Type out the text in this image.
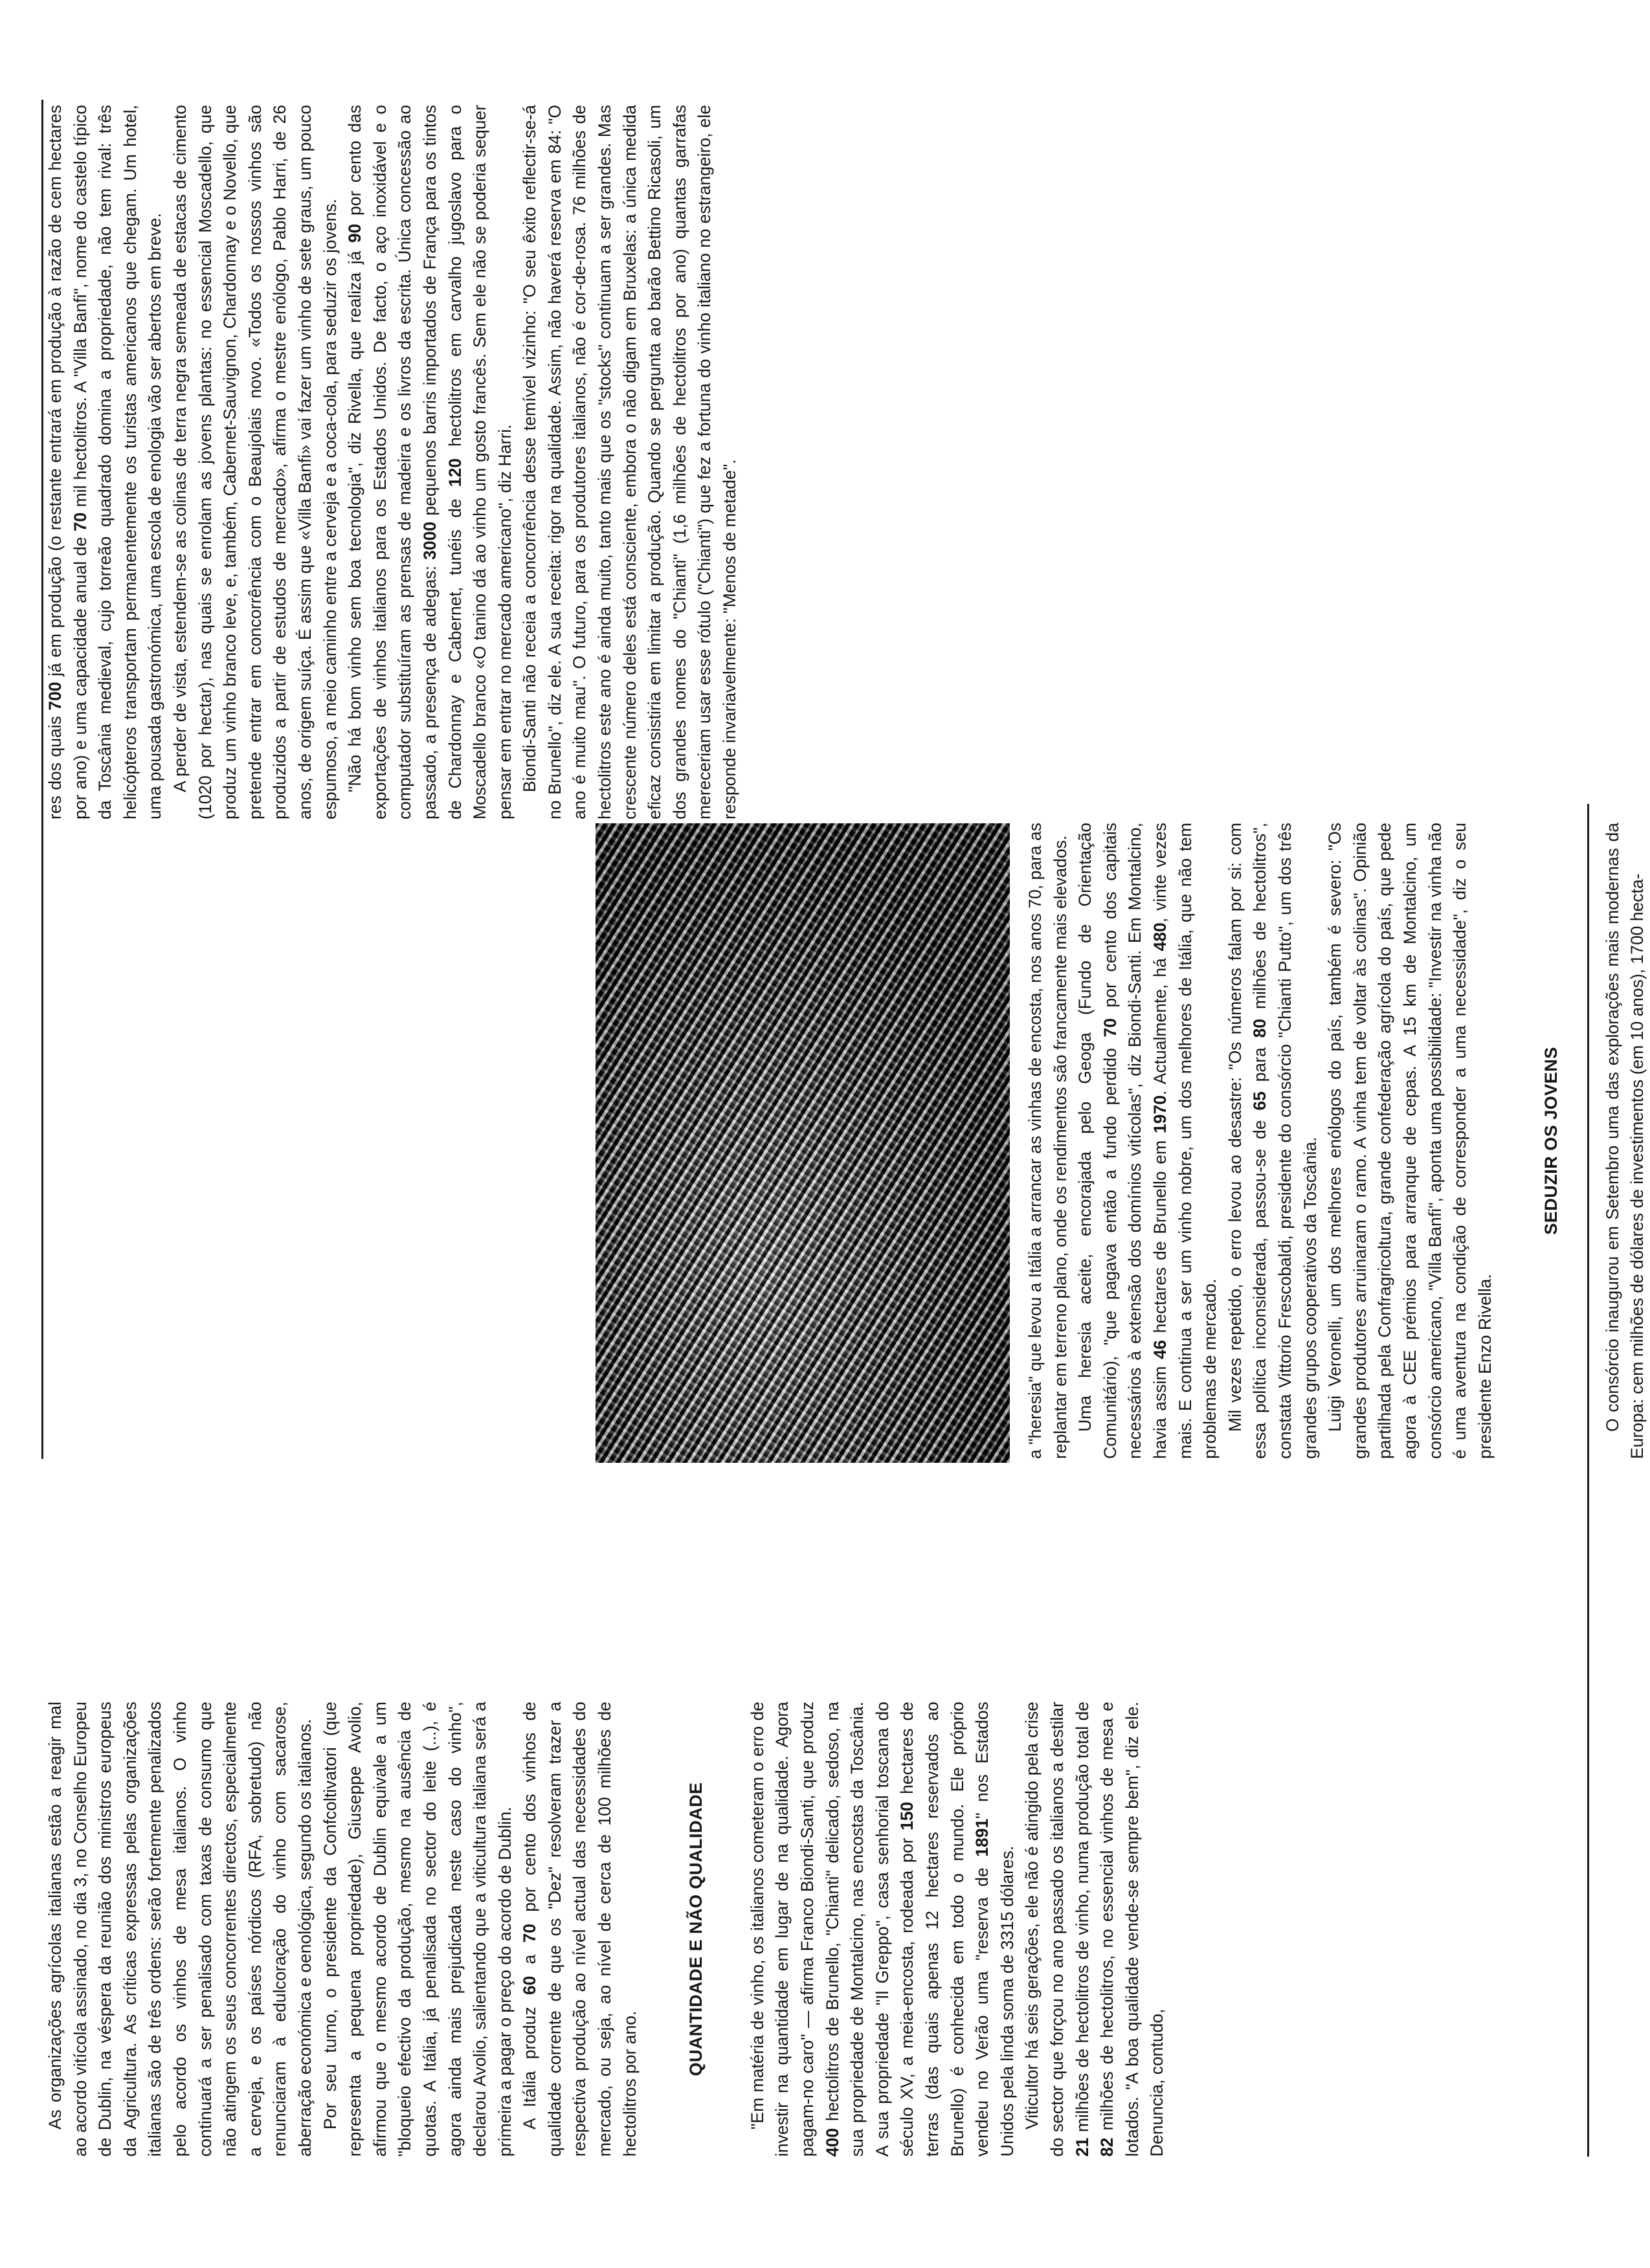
As organizações agrícolas italianas estão a reagir mal ao acordo vitícola assinado, no dia 3, no Conselho Europeu de Dublin, na véspera da reunião dos ministros europeus da Agricultura. As críticas expressas pelas organizações italianas são de três ordens: serão fortemente penalizados pelo acordo os vinhos de mesa italianos. O vinho continuará a ser penalisado com taxas de consumo que não atingem os seus concorrentes directos, especialmente a cerveja, e os países nórdicos (RFA, sobretudo) não renunciaram à edulcoração do vinho com sacarose, aberração económica e oenológica, segundo os italianos. Por seu turno, o presidente da Confcoltivatori (que representa a pequena propriedade), Giuseppe Avolio, afirmou que o mesmo acordo de Dublin equivale a um "bloqueio efectivo da produção, mesmo na ausência de quotas. A Itália, já penalisada no sector do leite (...), é agora ainda mais prejudicada neste caso do vinho", declarou Avolio, salientando que a viticultura italiana será a primeira a pagar o preço do acordo de Dublin. A Itália produz 60 a 70 por cento dos vinhos de qualidade corrente de que os "Dez" resolveram trazer a respectiva produção ao nível actual das necessidades do mercado, ou seja, ao nível de cerca de 100 milhões de hectolitros por ano.

QUANTIDADE E NÃO QUALIDADE "Em matéria de vinho, os italianos cometeram o erro de investir na quantidade em lugar de na qualidade. Agora pagam-no caro" — afirma Franco Biondi-Santi, que produz 400 hectolitros de Brunello, "Chianti" delicado, sedoso, na sua propriedade de Montalcino, nas encostas da Toscânia. A sua propriedade "Il Greppo", casa senhorial toscana do século XV, a meia-encosta, rodeada por 150 hectares de terras (das quais apenas 12 hectares reservados ao Brunello) é conhecida em todo o mundo. Ele próprio vendeu no Verão uma "reserva de 1891" nos Estados Unidos pela linda soma de 3315 dólares. Viticultor há seis gerações, ele não é atingido pela crise do sector que forçou no ano passado os italianos a destilar 21 milhões de hectolitros de vinho, numa produção total de 82 milhões de hectolitros, no essencial vinhos de mesa e lotados. "A boa qualidade vende-se sempre bem", diz ele. Denuncia, contudo,

a "heresia" que levou a Itália a arrancar as vinhas de encosta, nos anos 70, para as replantar em terreno plano, onde os rendimentos são francamente mais elevados. Uma heresia aceite, encorajada pelo Geoga (Fundo de Orientação Comunitário), "que pagava então a fundo perdido 70 por cento dos capitais necessários à extensão dos domínios vitícolas", diz Biondi-Santi. Em Montalcino, havia assim 46 hectares de Brunello em 1970. Actualmente, há 480, vinte vezes mais. E continua a ser um vinho nobre, um dos melhores de Itália, que não tem problemas de mercado. Mil vezes repetido, o erro levou ao desastre: "Os números falam por si: com essa política inconsiderada, passou-se de 65 para 80 milhões de hectolitros", constata Vittorio Frescobaldi, presidente do consórcio "Chianti Putto", um dos três grandes grupos cooperativos da Toscânia. Luigi Veronelli, um dos melhores enólogos do país, também é severo: "Os grandes produtores arruinaram o ramo. A vinha tem de voltar às colinas". Opinião partilhada pela Confragricoltura, grande confederação agrícola do país, que pede agora à CEE prémios para arranque de cepas. A 15 km de Montalcino, um consórcio americano, "Villa Banfi", aponta uma possibilidade: "Investir na vinha não é uma aventura na condição de corresponder a uma necessidade", diz o seu presidente Enzo Rivella.

SEDUZIR OS JOVENS O consórcio inaugurou em Setembro uma das explorações mais modernas da Europa: cem milhões de dólares de investimentos (em 10 anos), 1700 hecta-

res dos quais 700 já em produção (o restante entrará em produção à razão de cem hectares por ano) e uma capacidade anual de 70 mil hectolitros. A "Villa Banfi", nome do castelo típico da Toscânia medieval, cujo torreão quadrado domina a propriedade, não tem rival: três helicópteros transportam permanentemente os turistas americanos que chegam. Um hotel, uma pousada gastronómica, uma escola de enologia vão ser abertos em breve. A perder de vista, estendem-se as colinas de terra negra semeada de estacas de cimento (1020 por hectar), nas quais se enrolam as jovens plantas: no essencial Moscadello, que produz um vinho branco leve, e, também, Cabernet-Sauvignon, Chardonnay e o Novello, que pretende entrar em concorrência com o Beaujolais novo. «Todos os nossos vinhos são produzidos a partir de estudos de mercado», afirma o mestre enólogo, Pablo Harri, de 26 anos, de origem suíça. É assim que «Villa Banfi» vai fazer um vinho de sete graus, um pouco espumoso, a meio caminho entre a cerveja e a coca-cola, para seduzir os jovens. "Não há bom vinho sem boa tecnologia", diz Rivella, que realiza já 90 por cento das exportações de vinhos italianos para os Estados Unidos. De facto, o aço inoxidável e o computador substituíram as prensas de madeira e os livros da escrita. Única concessão ao passado, a presença de adegas: 3000 pequenos barris importados de França para os tintos de Chardonnay e Cabernet, tunéis de 120 hectolitros em carvalho jugoslavo para o Moscadello branco «O tanino dá ao vinho um gosto francês. Sem ele não se poderia sequer pensar em entrar no mercado americano", diz Harri. Biondi-Santi não receia a concorrência desse temível vizinho: "O seu êxito reflectir-se-á no Brunello", diz ele. A sua receita: rigor na qualidade. Assim, não haverá reserva em 84: "O ano é muito mau". O futuro, para os produtores italianos, não é cor-de-rosa. 76 milhões de hectolitros este ano é ainda muito, tanto mais que os "stocks" continuam a ser grandes. Mas crescente número deles está consciente, embora o não digam em Bruxelas: a única medida eficaz consistiria em limitar a produção. Quando se pergunta ao barão Bettino Ricasoli, um dos grandes nomes do "Chianti" (1,6 milhões de hectolitros por ano) quantas garrafas mereceriam usar esse rótulo ("Chianti") que fez a fortuna do vinho italiano no estrangeiro, ele responde invariavelmente: "Menos de metade".
